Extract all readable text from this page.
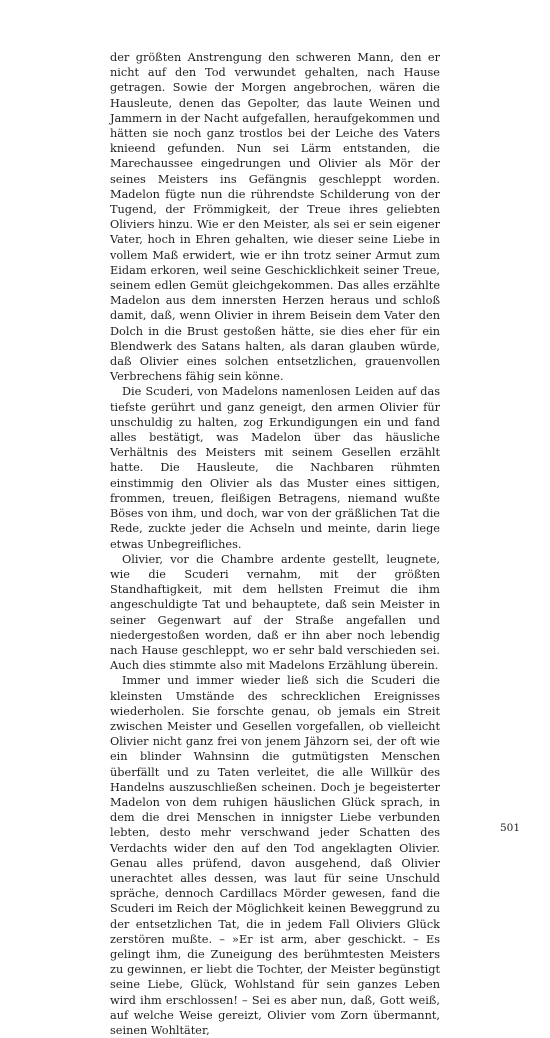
der größten Anstrengung den schweren Mann, den er nicht auf den Tod verwundet gehalten, nach Hause getragen. Sowie der Morgen angebrochen, wären die Hausleute, denen das Gepolter, das laute Weinen und Jammern in der Nacht aufgefallen, heraufgekommen und hätten sie noch ganz trostlos bei der Leiche des Vaters knieend gefunden. Nun sei Lärm entstanden, die Marechaussee eingedrungen und Olivier als Mör der seines Meisters ins Gefängnis geschleppt worden. Madelon fügte nun die rührendste Schilderung von der Tugend, der Frömmigkeit, der Treue ihres geliebten Oliviers hinzu. Wie er den Meister, als sei er sein eigener Vater, hoch in Ehren gehalten, wie dieser seine Liebe in vollem Maß erwidert, wie er ihn trotz seiner Armut zum Eidam erkoren, weil seine Geschicklichkeit seiner Treue, seinem edlen Gemüt gleichgekommen. Das alles erzählte Madelon aus dem innersten Herzen heraus und schloß damit, daß, wenn Olivier in ihrem Beisein dem Vater den Dolch in die Brust gestoßen hätte, sie dies eher für ein Blendwerk des Satans halten, als daran glauben würde, daß Olivier eines solchen entsetzlichen, grauenvollen Verbrechens fähig sein könne.

Die Scuderi, von Madelons namenlosen Leiden auf das tiefste gerührt und ganz geneigt, den armen Olivier für unschuldig zu halten, zog Erkundigungen ein und fand alles bestätigt, was Madelon über das häusliche Verhältnis des Meisters mit seinem Gesellen erzählt hatte. Die Hausleute, die Nachbaren rühmten einstimmig den Olivier als das Muster eines sittigen, frommen, treuen, fleißigen Betragens, niemand wußte Böses von ihm, und doch, war von der gräßlichen Tat die Rede, zuckte jeder die Achseln und meinte, darin liege etwas Unbegreifliches.

Olivier, vor die Chambre ardente gestellt, leugnete, wie die Scuderi vernahm, mit der größten Standhaftigkeit, mit dem hellsten Freimut die ihm angeschuldigte Tat und behauptete, daß sein Meister in seiner Gegenwart auf der Straße angefallen und niedergestoßen worden, daß er ihn aber noch lebendig nach Hause geschleppt, wo er sehr bald verschieden sei. Auch dies stimmte also mit Madelons Erzählung überein.

Immer und immer wieder ließ sich die Scuderi die kleinsten Umstände des schrecklichen Ereignisses wiederholen. Sie forschte genau, ob jemals ein Streit zwischen Meister und Gesellen vorgefallen, ob vielleicht Olivier nicht ganz frei von jenem Jähzorn sei, der oft wie ein blinder Wahnsinn die gutmütigsten Menschen überfällt und zu Taten verleitet, die alle Willkür des Handelns auszuschließen scheinen. Doch je begeisterter Madelon von dem ruhigen häuslichen Glück sprach, in dem die drei Menschen in innigster Liebe verbunden lebten, desto mehr verschwand jeder Schatten des Verdachts wider den auf den Tod angeklagten Olivier. Genau alles prüfend, davon ausgehend, daß Olivier unerachtet alles dessen, was laut für seine Unschuld spräche, dennoch Cardillacs Mörder gewesen, fand die Scuderi im Reich der Möglichkeit keinen Beweggrund zu der entsetzlichen Tat, die in jedem Fall Oliviers Glück zerstören mußte. – »Er ist arm, aber geschickt. – Es gelingt ihm, die Zuneigung des berühmtesten Meisters zu gewinnen, er liebt die Tochter, der Meister begünstigt seine Liebe, Glück, Wohlstand für sein ganzes Leben wird ihm erschlossen! – Sei es aber nun, daß, Gott weiß, auf welche Weise gereizt, Olivier vom Zorn übermannt, seinen Wohltäter,

501
